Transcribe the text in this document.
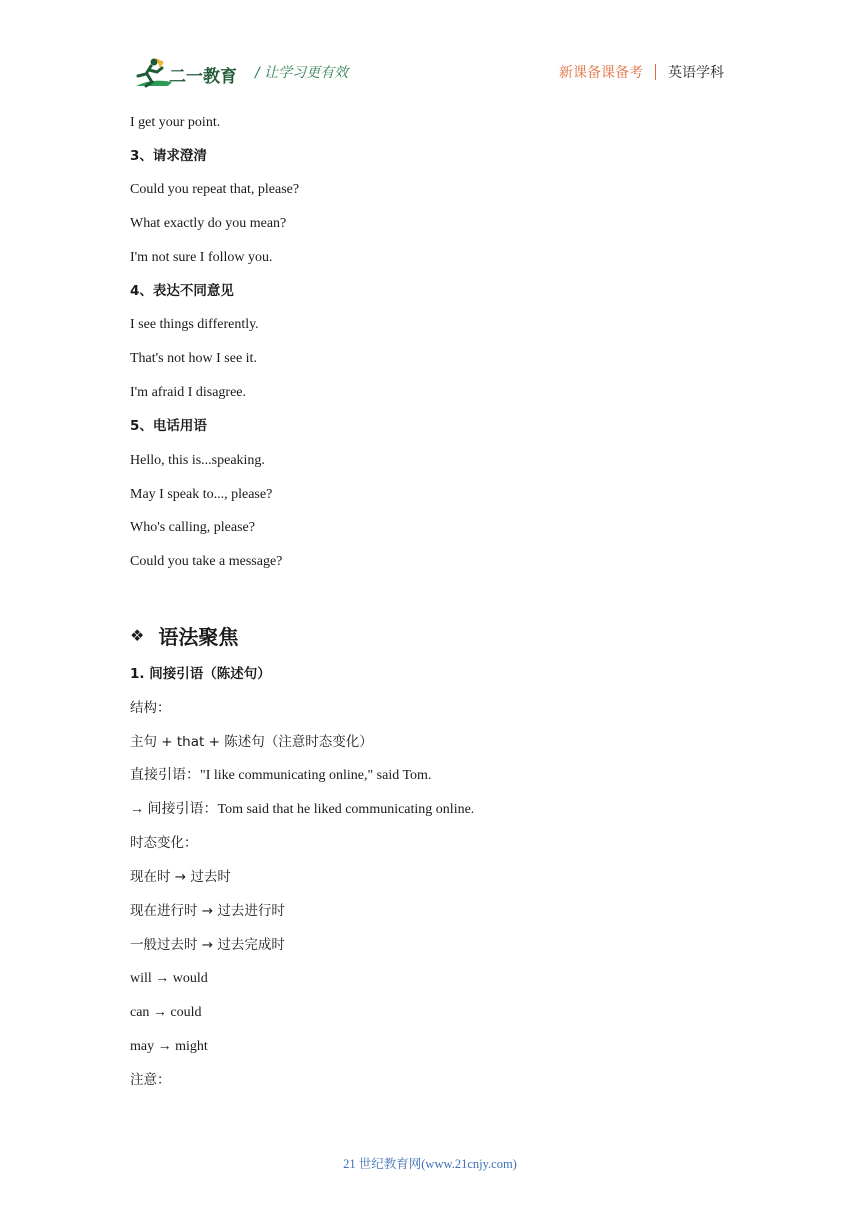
二一教育 / 让学习更有效	新课备课备考 英语学科
I get your point.
3、请求澄清
Could you repeat that, please?
What exactly do you mean?
I'm not sure I follow you.
4、表达不同意见
I see things differently.
That's not how I see it.
I'm afraid I disagree.
5、电话用语
Hello, this is...speaking.
May I speak to..., please?
Who's calling, please?
Could you take a message?
❖ 语法聚焦
1. 间接引语（陈述句）
结构：
主句 + that + 陈述句（注意时态变化）
直接引语："I like communicating online," said Tom.
→ 间接引语：Tom said that he liked communicating online.
时态变化：
现在时 → 过去时
现在进行时 → 过去进行时
一般过去时 → 过去完成时
will → would
can → could
may → might
注意：
21 世纪教育网(www.21cnjy.com)
